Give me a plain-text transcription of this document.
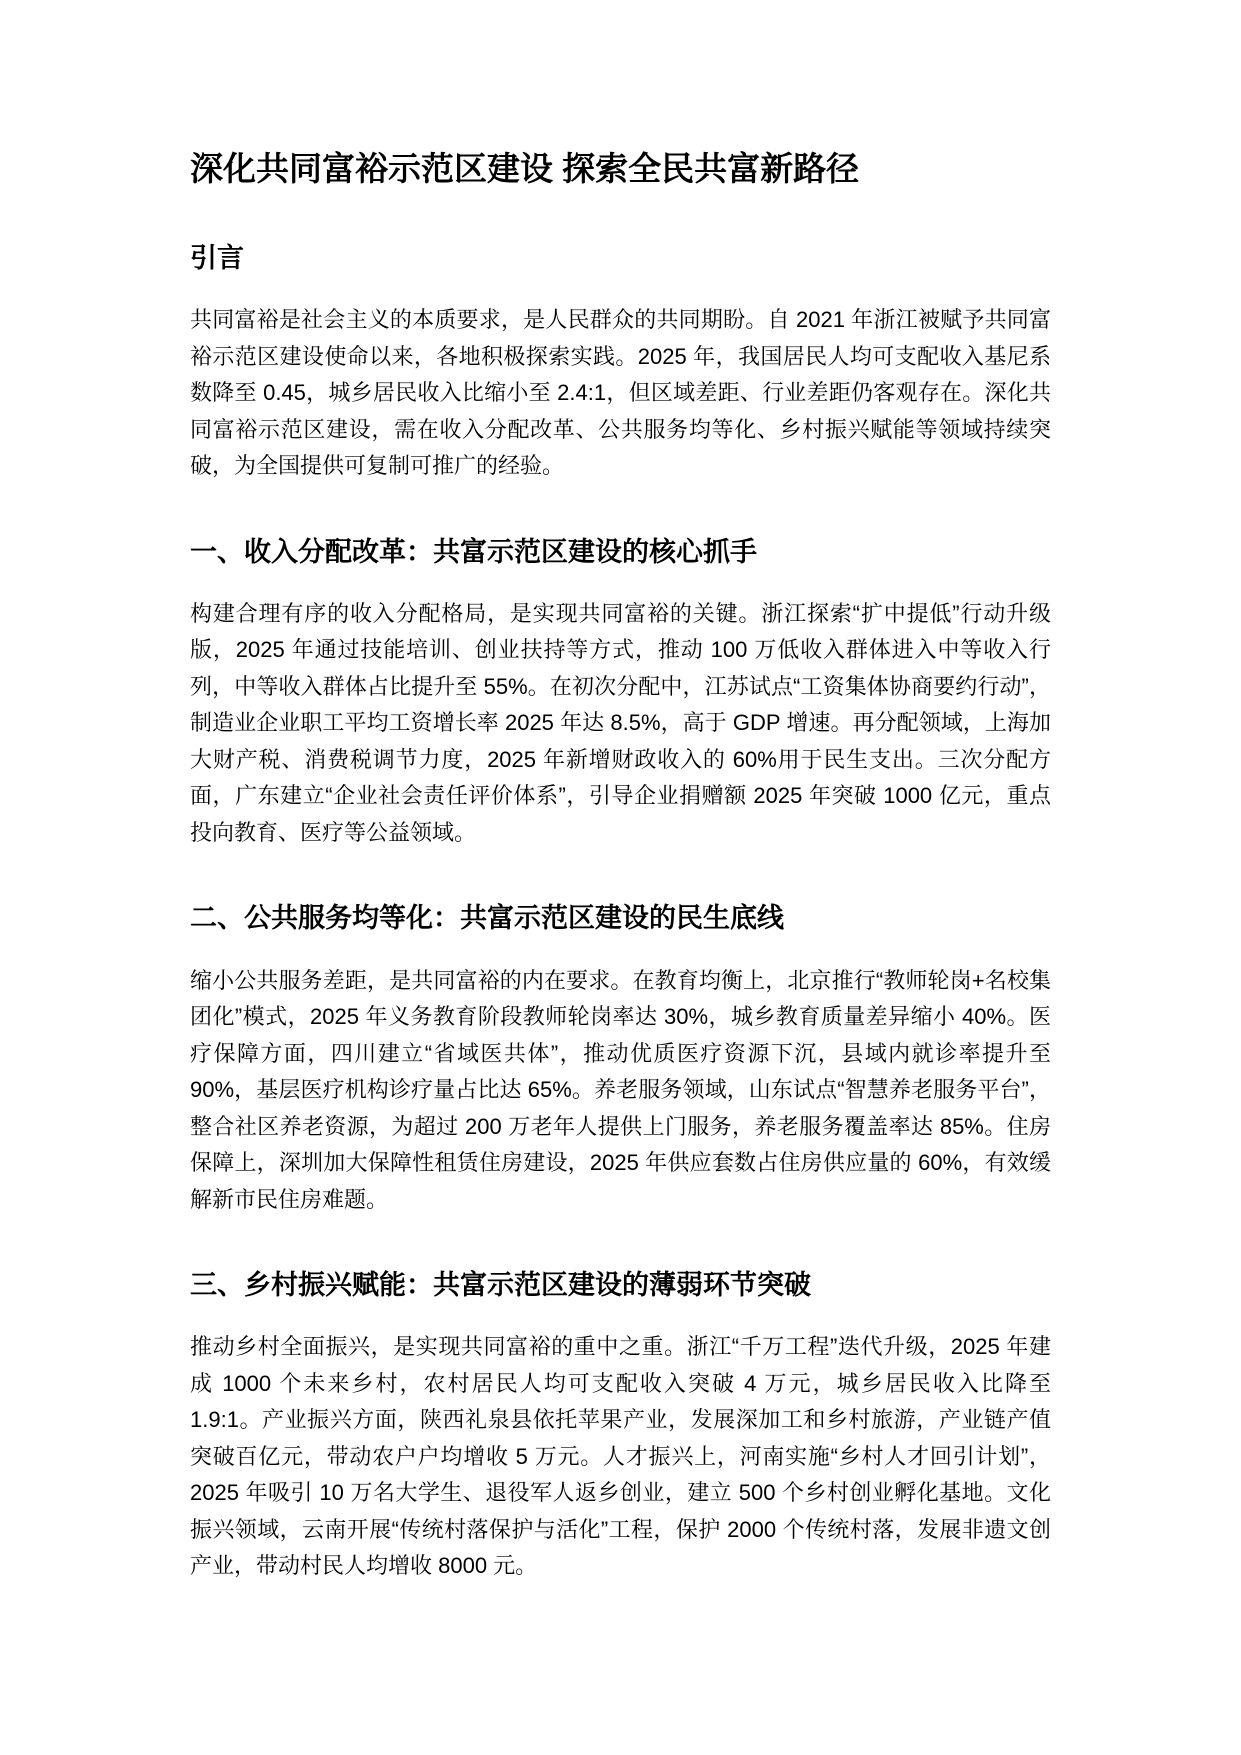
深化共同富裕示范区建设 探索全民共富新路径
引言

共同富裕是社会主义的本质要求，是人民群众的共同期盼。自 2021 年浙江被赋予共同富裕示范区建设使命以来，各地积极探索实践。2025 年，我国居民人均可支配收入基尼系数降至 0.45，城乡居民收入比缩小至 2.4:1，但区域差距、行业差距仍客观存在。深化共同富裕示范区建设，需在收入分配改革、公共服务均等化、乡村振兴赋能等领域持续突破，为全国提供可复制可推广的经验。

一、收入分配改革：共富示范区建设的核心抓手

构建合理有序的收入分配格局，是实现共同富裕的关键。浙江探索“扩中提低”行动升级版，2025 年通过技能培训、创业扶持等方式，推动 100 万低收入群体进入中等收入行列，中等收入群体占比提升至 55%。在初次分配中，江苏试点“工资集体协商要约行动”，制造业企业职工平均工资增长率 2025 年达 8.5%，高于 GDP 增速。再分配领域，上海加大财产税、消费税调节力度，2025 年新增财政收入的 60%用于民生支出。三次分配方面，广东建立“企业社会责任评价体系”，引导企业捐赠额 2025 年突破 1000 亿元，重点投向教育、医疗等公益领域。

二、公共服务均等化：共富示范区建设的民生底线

缩小公共服务差距，是共同富裕的内在要求。在教育均衡上，北京推行“教师轮岗+名校集团化”模式，2025 年义务教育阶段教师轮岗率达 30%，城乡教育质量差异缩小 40%。医疗保障方面，四川建立“省域医共体”，推动优质医疗资源下沉，县域内就诊率提升至 90%，基层医疗机构诊疗量占比达 65%。养老服务领域，山东试点“智慧养老服务平台”，整合社区养老资源，为超过 200 万老年人提供上门服务，养老服务覆盖率达 85%。住房保障上，深圳加大保障性租赁住房建设，2025 年供应套数占住房供应量的 60%，有效缓解新市民住房难题。

三、乡村振兴赋能：共富示范区建设的薄弱环节突破

推动乡村全面振兴，是实现共同富裕的重中之重。浙江“千万工程”迭代升级，2025 年建成 1000 个未来乡村，农村居民人均可支配收入突破 4 万元，城乡居民收入比降至 1.9:1。产业振兴方面，陕西礼泉县依托苹果产业，发展深加工和乡村旅游，产业链产值突破百亿元，带动农户户均增收 5 万元。人才振兴上，河南实施“乡村人才回引计划”，2025 年吸引 10 万名大学生、退役军人返乡创业，建立 500 个乡村创业孵化基地。文化振兴领域，云南开展“传统村落保护与活化”工程，保护 2000 个传统村落，发展非遗文创产业，带动村民人均增收 8000 元。
